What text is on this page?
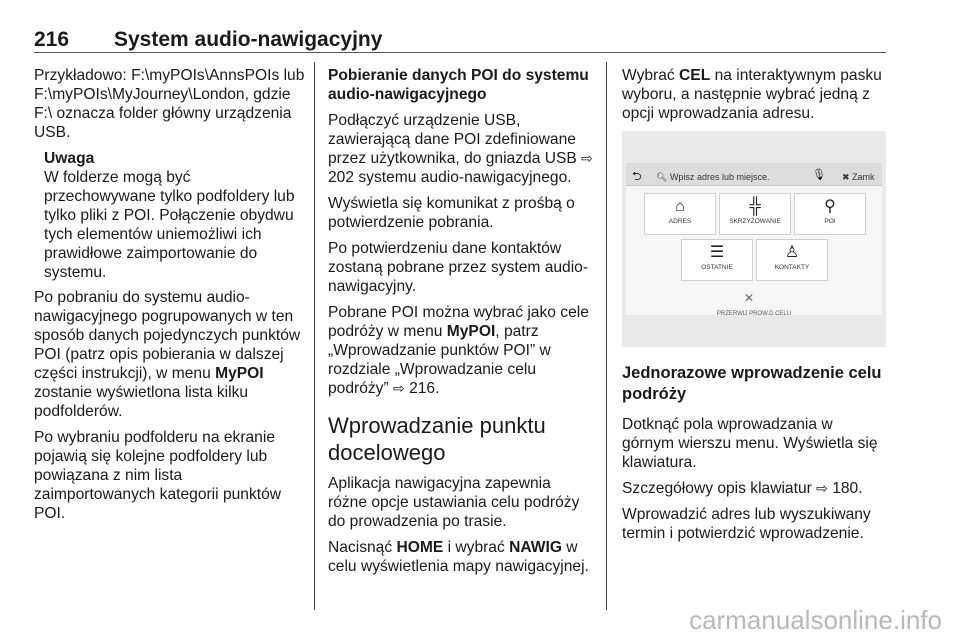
216 System audio-nawigacyjny

Przykładowo: F:\myPOIs\AnnsPOIs lub F:\myPOIs\MyJourney\London, gdzie F:\ oznacza folder główny urządzenia USB.

Uwaga
W folderze mogą być przechowywane tylko podfoldery lub tylko pliki z POI. Połączenie obydwu tych elementów uniemożliwi ich prawidłowe zaimportowanie do systemu.

Po pobraniu do systemu audio-nawigacyjnego pogrupowanych w ten sposób danych pojedynczych punktów POI (patrz opis pobierania w dalszej części instrukcji), w menu MyPOI zostanie wyświetlona lista kilku podfolderów.

Po wybraniu podfolderu na ekranie pojawią się kolejne podfoldery lub powiązana z nim lista zaimportowanych kategorii punktów POI.

Pobieranie danych POI do systemu audio-nawigacyjnego

Podłączyć urządzenie USB, zawierającą dane POI zdefiniowane przez użytkownika, do gniazda USB ⇨ 202 systemu audio-nawigacyjnego.

Wyświetla się komunikat z prośbą o potwierdzenie pobrania.

Po potwierdzeniu dane kontaktów zostaną pobrane przez system audio-nawigacyjny.

Pobrane POI można wybrać jako cele podróży w menu MyPOI, patrz „Wprowadzanie punktów POI” w rozdziale „Wprowadzanie celu podróży” ⇨ 216.

Wprowadzanie punktu docelowego

Aplikacja nawigacyjna zapewnia różne opcje ustawiania celu podróży do prowadzenia po trasie.

Nacisnąć HOME i wybrać NAWIG w celu wyświetlenia mapy nawigacyjnej.

Wybrać CEL na interaktywnym pasku wyboru, a następnie wybrać jedną z opcji wprowadzania adresu.

⮌ 🔍︎ Wpisz adres lub miejsce.	🎙︎ ✖ Zamk
⌂
ADRES
╬
SKRZYŻOWANIE
⚲
POI
☰
OSTATNIE
♙
KONTAKTY
✕
PRZERWIJ PROW.D.CELU
Jednorazowe wprowadzenie celu podróży

Dotknąć pola wprowadzania w górnym wierszu menu. Wyświetla się klawiatura.

Szczegółowy opis klawiatur ⇨ 180.

Wprowadzić adres lub wyszukiwany termin i potwierdzić wprowadzenie.

carmanualsonline.info
